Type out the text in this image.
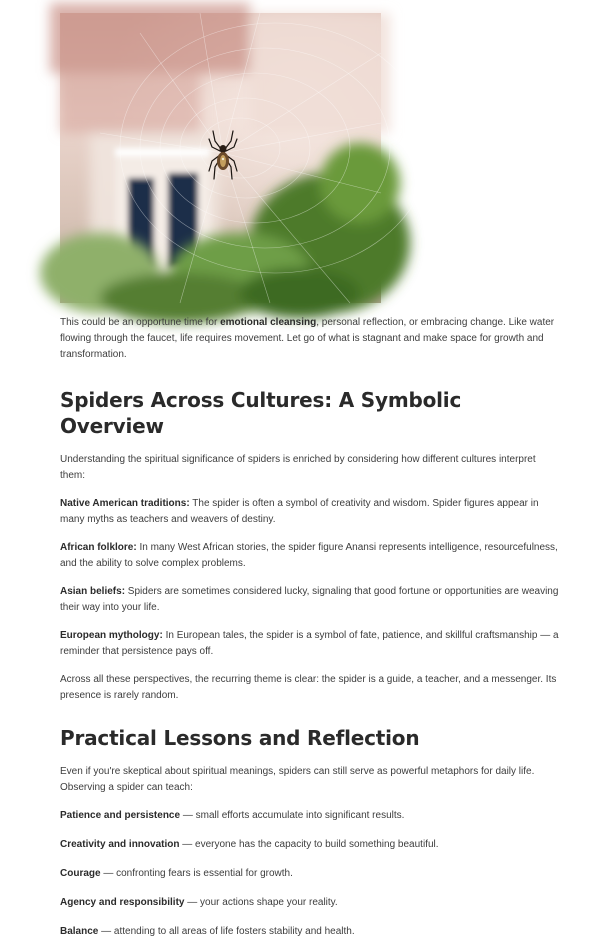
This could be an opportune time for emotional cleansing, personal reflection, or embracing change. Like water flowing through the faucet, life requires movement. Let go of what is stagnant and make space for growth and transformation.

Spiders Across Cultures: A Symbolic Overview

Understanding the spiritual significance of spiders is enriched by considering how different cultures interpret them:

Native American traditions: The spider is often a symbol of creativity and wisdom. Spider figures appear in many myths as teachers and weavers of destiny.

African folklore: In many West African stories, the spider figure Anansi represents intelligence, resourcefulness, and the ability to solve complex problems.

Asian beliefs: Spiders are sometimes considered lucky, signaling that good fortune or opportunities are weaving their way into your life.

European mythology: In European tales, the spider is a symbol of fate, patience, and skillful craftsmanship — a reminder that persistence pays off.

Across all these perspectives, the recurring theme is clear: the spider is a guide, a teacher, and a messenger. Its presence is rarely random.

Practical Lessons and Reflection

Even if you're skeptical about spiritual meanings, spiders can still serve as powerful metaphors for daily life. Observing a spider can teach:

Patience and persistence — small efforts accumulate into significant results.

Creativity and innovation — everyone has the capacity to build something beautiful.

Courage — confronting fears is essential for growth.

Agency and responsibility — your actions shape your reality.

Balance — attending to all areas of life fosters stability and health.
